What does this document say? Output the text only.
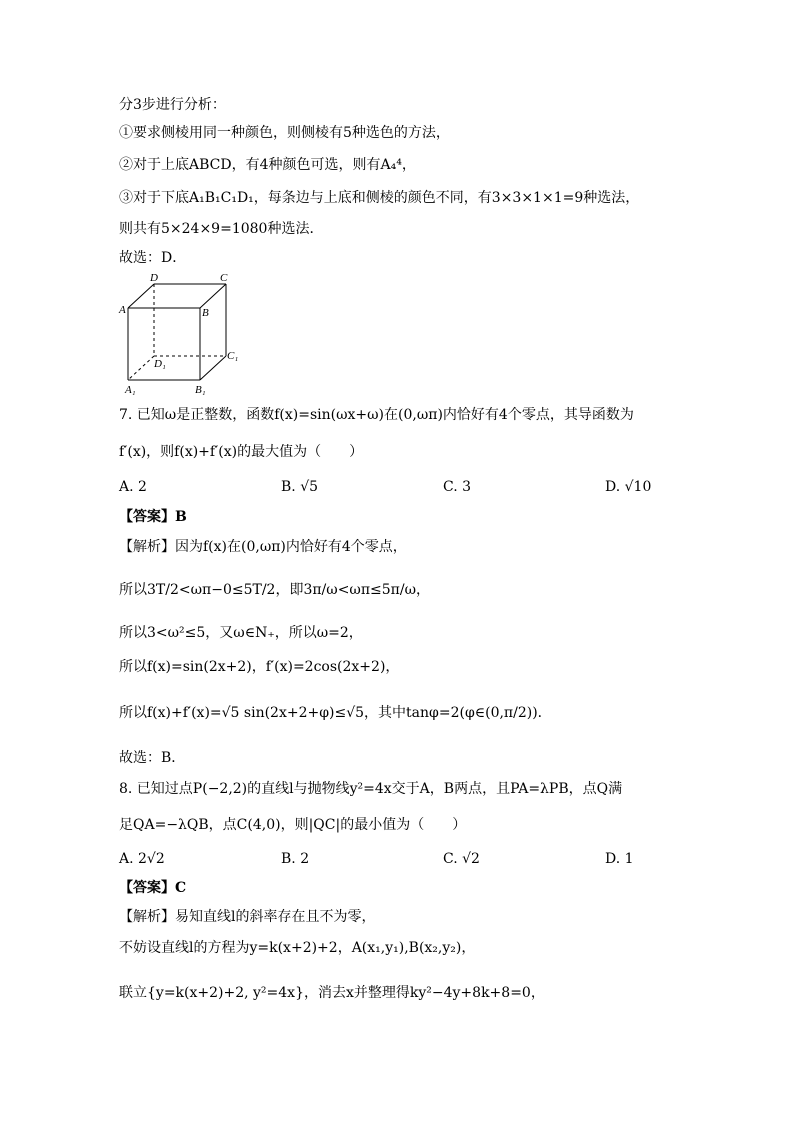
分3步进行分析：
①要求侧棱用同一种颜色，则侧棱有5种选色的方法，
②对于上底ABCD，有4种颜色可选，则有A₄⁴，
③对于下底A₁B₁C₁D₁，每条边与上底和侧棱的颜色不同，有3×3×1×1=9种选法，
则共有5×24×9=1080种选法．
故选：D．
D	C
A	B
D₁
C₁
A₁	B₁
7. 已知ω是正整数，函数f(x)=sin(ωx+ω)在(0,ωπ)内恰好有4个零点，其导函数为
f′(x)，则f(x)+f′(x)的最大值为（　　）
A. 2	B. √5	C. 3	D. √10
【答案】B
【解析】因为f(x)在(0,ωπ)内恰好有4个零点，
所以3T/2<ωπ−0≤5T/2，即3π/ω<ωπ≤5π/ω，
所以3<ω²≤5，又ω∈N₊，所以ω=2，
所以f(x)=sin(2x+2)，f′(x)=2cos(2x+2)，
所以f(x)+f′(x)=√5 sin(2x+2+φ)≤√5，其中tanφ=2(φ∈(0,π/2))．
故选：B．
8. 已知过点P(−2,2)的直线l与抛物线y²=4x交于A，B两点，且PA=λPB，点Q满
足QA=−λQB，点C(4,0)，则|QC|的最小值为（　　）
A. 2√2	B. 2	C. √2	D. 1
【答案】C
【解析】易知直线l的斜率存在且不为零，
不妨设直线l的方程为y=k(x+2)+2，A(x₁,y₁),B(x₂,y₂)，
联立{y=k(x+2)+2, y²=4x}，消去x并整理得ky²−4y+8k+8=0，
